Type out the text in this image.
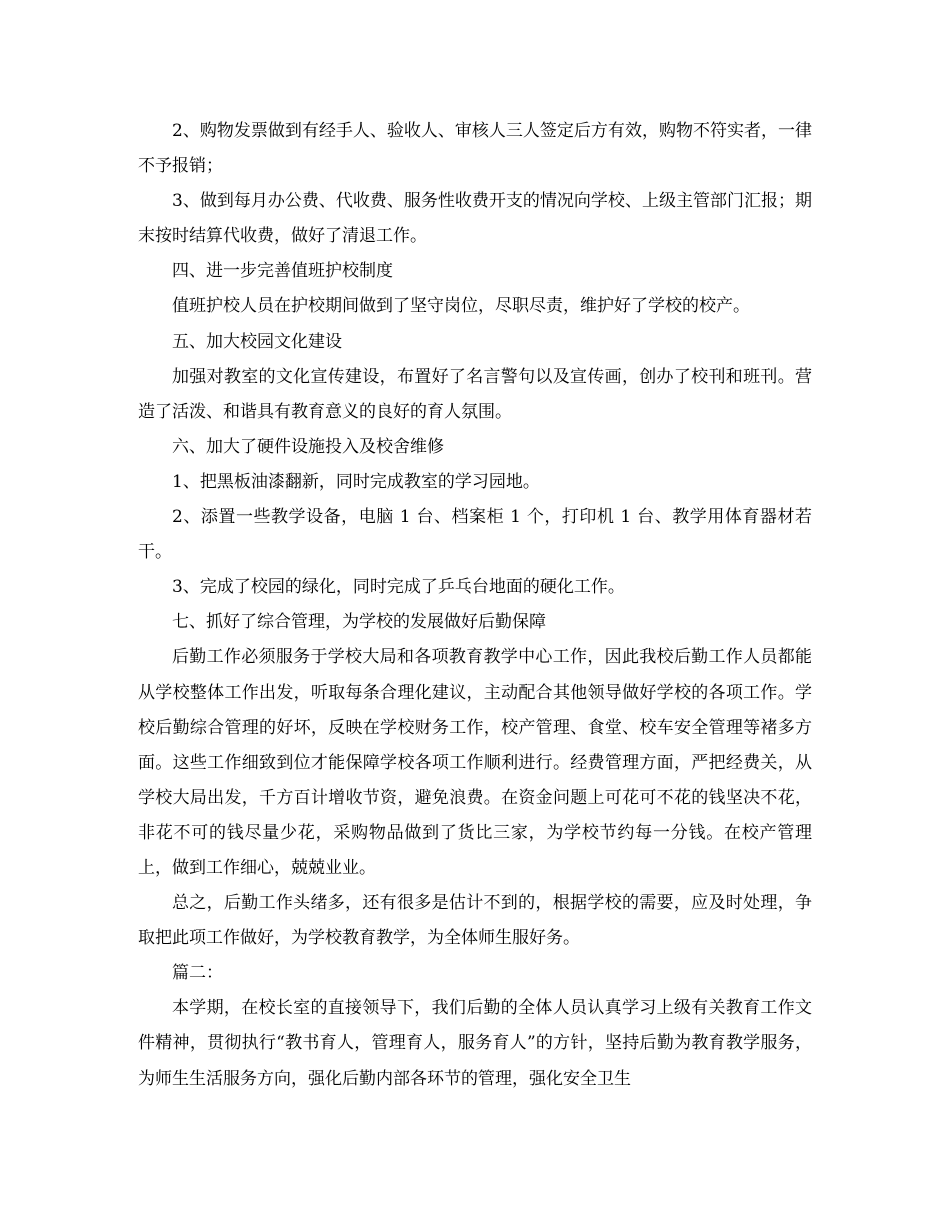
2、购物发票做到有经手人、验收人、审核人三人签定后方有效，购物不符实者，一律不予报销；

3、做到每月办公费、代收费、服务性收费开支的情况向学校、上级主管部门汇报；期末按时结算代收费，做好了清退工作。

四、进一步完善值班护校制度

值班护校人员在护校期间做到了坚守岗位，尽职尽责，维护好了学校的校产。

五、加大校园文化建设

加强对教室的文化宣传建设，布置好了名言警句以及宣传画，创办了校刊和班刊。营造了活泼、和谐具有教育意义的良好的育人氛围。

六、加大了硬件设施投入及校舍维修

1、把黑板油漆翻新，同时完成教室的学习园地。

2、添置一些教学设备，电脑 1 台、档案柜 1 个，打印机 1 台、教学用体育器材若干。

3、完成了校园的绿化，同时完成了乒乓台地面的硬化工作。

七、抓好了综合管理，为学校的发展做好后勤保障

后勤工作必须服务于学校大局和各项教育教学中心工作，因此我校后勤工作人员都能从学校整体工作出发，听取每条合理化建议，主动配合其他领导做好学校的各项工作。学校后勤综合管理的好坏，反映在学校财务工作，校产管理、食堂、校车安全管理等褚多方面。这些工作细致到位才能保障学校各项工作顺利进行。经费管理方面，严把经费关，从学校大局出发，千方百计增收节资，避免浪费。在资金问题上可花可不花的钱坚决不花，非花不可的钱尽量少花，采购物品做到了货比三家，为学校节约每一分钱。在校产管理上，做到工作细心，兢兢业业。

总之，后勤工作头绪多，还有很多是估计不到的，根据学校的需要，应及时处理，争取把此项工作做好，为学校教育教学，为全体师生服好务。

篇二：

本学期，在校长室的直接领导下，我们后勤的全体人员认真学习上级有关教育工作文件精神，贯彻执行“教书育人，管理育人，服务育人”的方针，坚持后勤为教育教学服务，为师生生活服务方向，强化后勤内部各环节的管理，强化安全卫生
